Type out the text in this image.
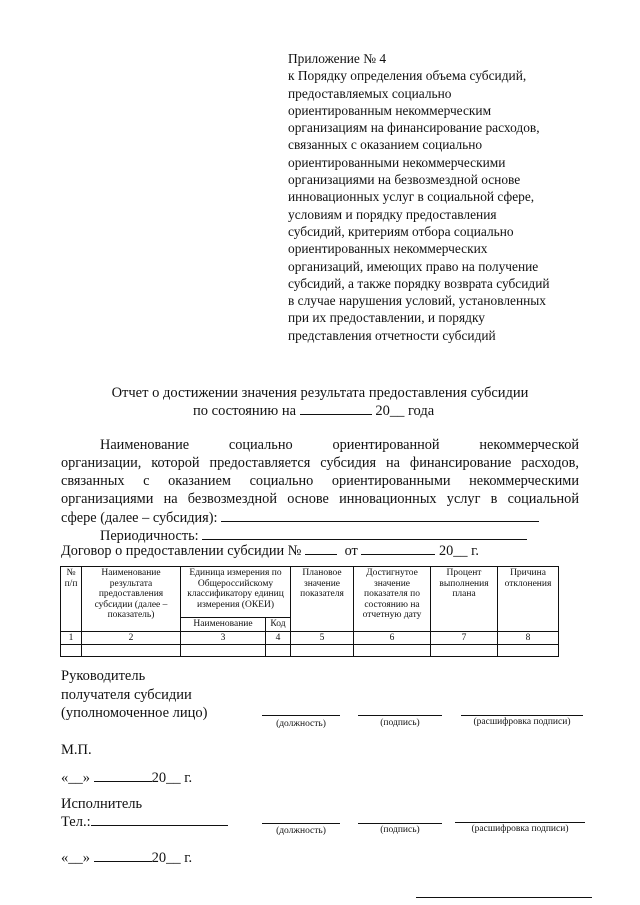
Приложение № 4
к Порядку определения объема субсидий,
предоставляемых социально
ориентированным некоммерческим
организациям на финансирование расходов,
связанных с оказанием социально
ориентированными некоммерческими
организациями на безвозмездной основе
инновационных услуг в социальной сфере,
условиям и порядку предоставления
субсидий, критериям отбора социально
ориентированных некоммерческих
организаций, имеющих право на получение
субсидий, а также порядку возврата субсидий
в случае нарушения условий, установленных
при их предоставлении, и порядку
представления отчетности субсидий
Отчет о достижении значения результата предоставления субсидии
по состоянию на	20__ года
Наименование	социально	ориентированной	некоммерческой
организации, которой предоставляется субсидия на финансирование расходов,
связанных с оказанием социально ориентированными некоммерческими
организациями на безвозмездной основе инновационных услуг в социальной
сфере (далее – субсидия):
Периодичность:
Договор о предоставлении субсидии №	от	20__ г.
№ п/п	Наименование результата предоставления субсидии (далее – показатель)	Единица измерения по Общероссийскому классификатору единиц измерения (ОКЕИ)		Плановое значение показателя	Достигнутое значение показателя по состоянию на отчетную дату	Процент выполнения плана	Причина отклонения
		Наименование	Код				
1	2	3	4	5	6	7	8

Руководитель
получателя субсидии
(уполномоченное лицо)
(должность)	(подпись)	(расшифровка подписи)
М.П.
«__»	20__ г.
Исполнитель
Тел.:
(должность)	(подпись)	(расшифровка подписи)
«__»	20__ г.
